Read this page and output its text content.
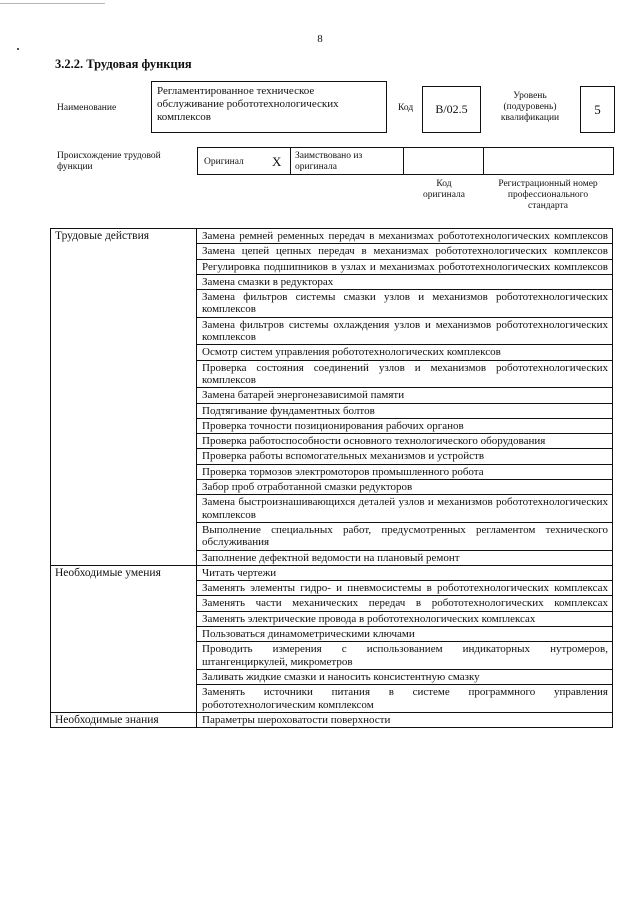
8
3.2.2. Трудовая функция
Наименование
Регламентированное техническое обслуживание робототехнологических комплексов
Код B/02.5
Уровень (подуровень) квалификации
5
Происхождение трудовой функции	Оригинал X Заимствовано из оригинала
Код оригинала
Регистрационный номер профессионального стандарта
Трудовые действия	Замена ремней ременных передач в механизмах робототехнологических комплексов
	Замена цепей цепных передач в механизмах робототехнологических комплексов
	Регулировка подшипников в узлах и механизмах робототехнологических комплексов
	Замена смазки в редукторах
	Замена фильтров системы смазки узлов и механизмов робототехнологических комплексов
	Замена фильтров системы охлаждения узлов и механизмов робототехнологических комплексов
	Осмотр систем управления робототехнологических комплексов
	Проверка состояния соединений узлов и механизмов робототехнологических комплексов
	Замена батарей энергонезависимой памяти
	Подтягивание фундаментных болтов
	Проверка точности позиционирования рабочих органов
	Проверка работоспособности основного технологического оборудования
	Проверка работы вспомогательных механизмов и устройств
	Проверка тормозов электромоторов промышленного робота
	Забор проб отработанной смазки редукторов
	Замена быстроизнашивающихся деталей узлов и механизмов робототехнологических комплексов
	Выполнение специальных работ, предусмотренных регламентом технического обслуживания
	Заполнение дефектной ведомости на плановый ремонт
Необходимые умения	Читать чертежи
	Заменять элементы гидро- и пневмосистемы в робототехнологических комплексах
	Заменять части механических передач в робототехнологических комплексах
	Заменять электрические провода в робототехнологических комплексах
	Пользоваться динамометрическими ключами
	Проводить измерения с использованием индикаторных нутромеров, штангенциркулей, микрометров
	Заливать жидкие смазки и наносить консистентную смазку
	Заменять источники питания в системе программного управления робототехнологическим комплексом
Необходимые знания	Параметры шероховатости поверхности
